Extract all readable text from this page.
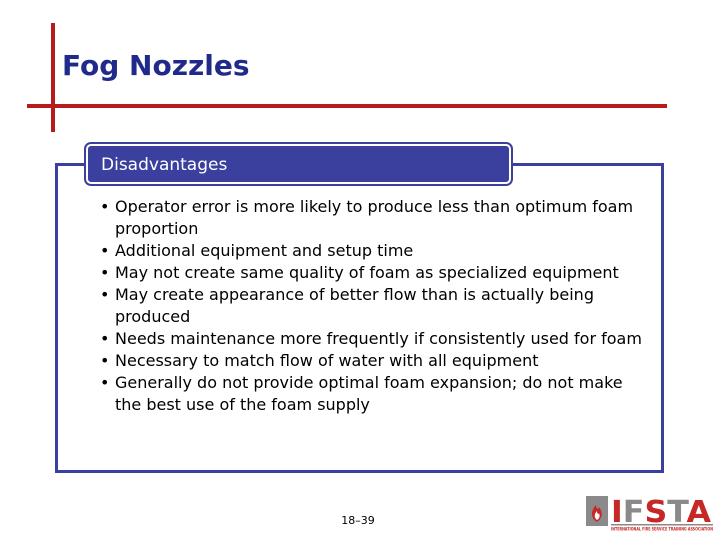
Fog Nozzles
Disadvantages
• Operator error is more likely to produce less than optimum foam proportion
• Additional equipment and setup time
• May not create same quality of foam as specialized equipment
• May create appearance of better flow than is actually being produced
• Needs maintenance more frequently if consistently used for foam
• Necessary to match flow of water with all equipment
• Generally do not provide optimal foam expansion; do not make the best use of the foam supply
18–39	IFSTA
INTERNATIONAL FIRE SERVICE TRAINING ASSOCIATION
